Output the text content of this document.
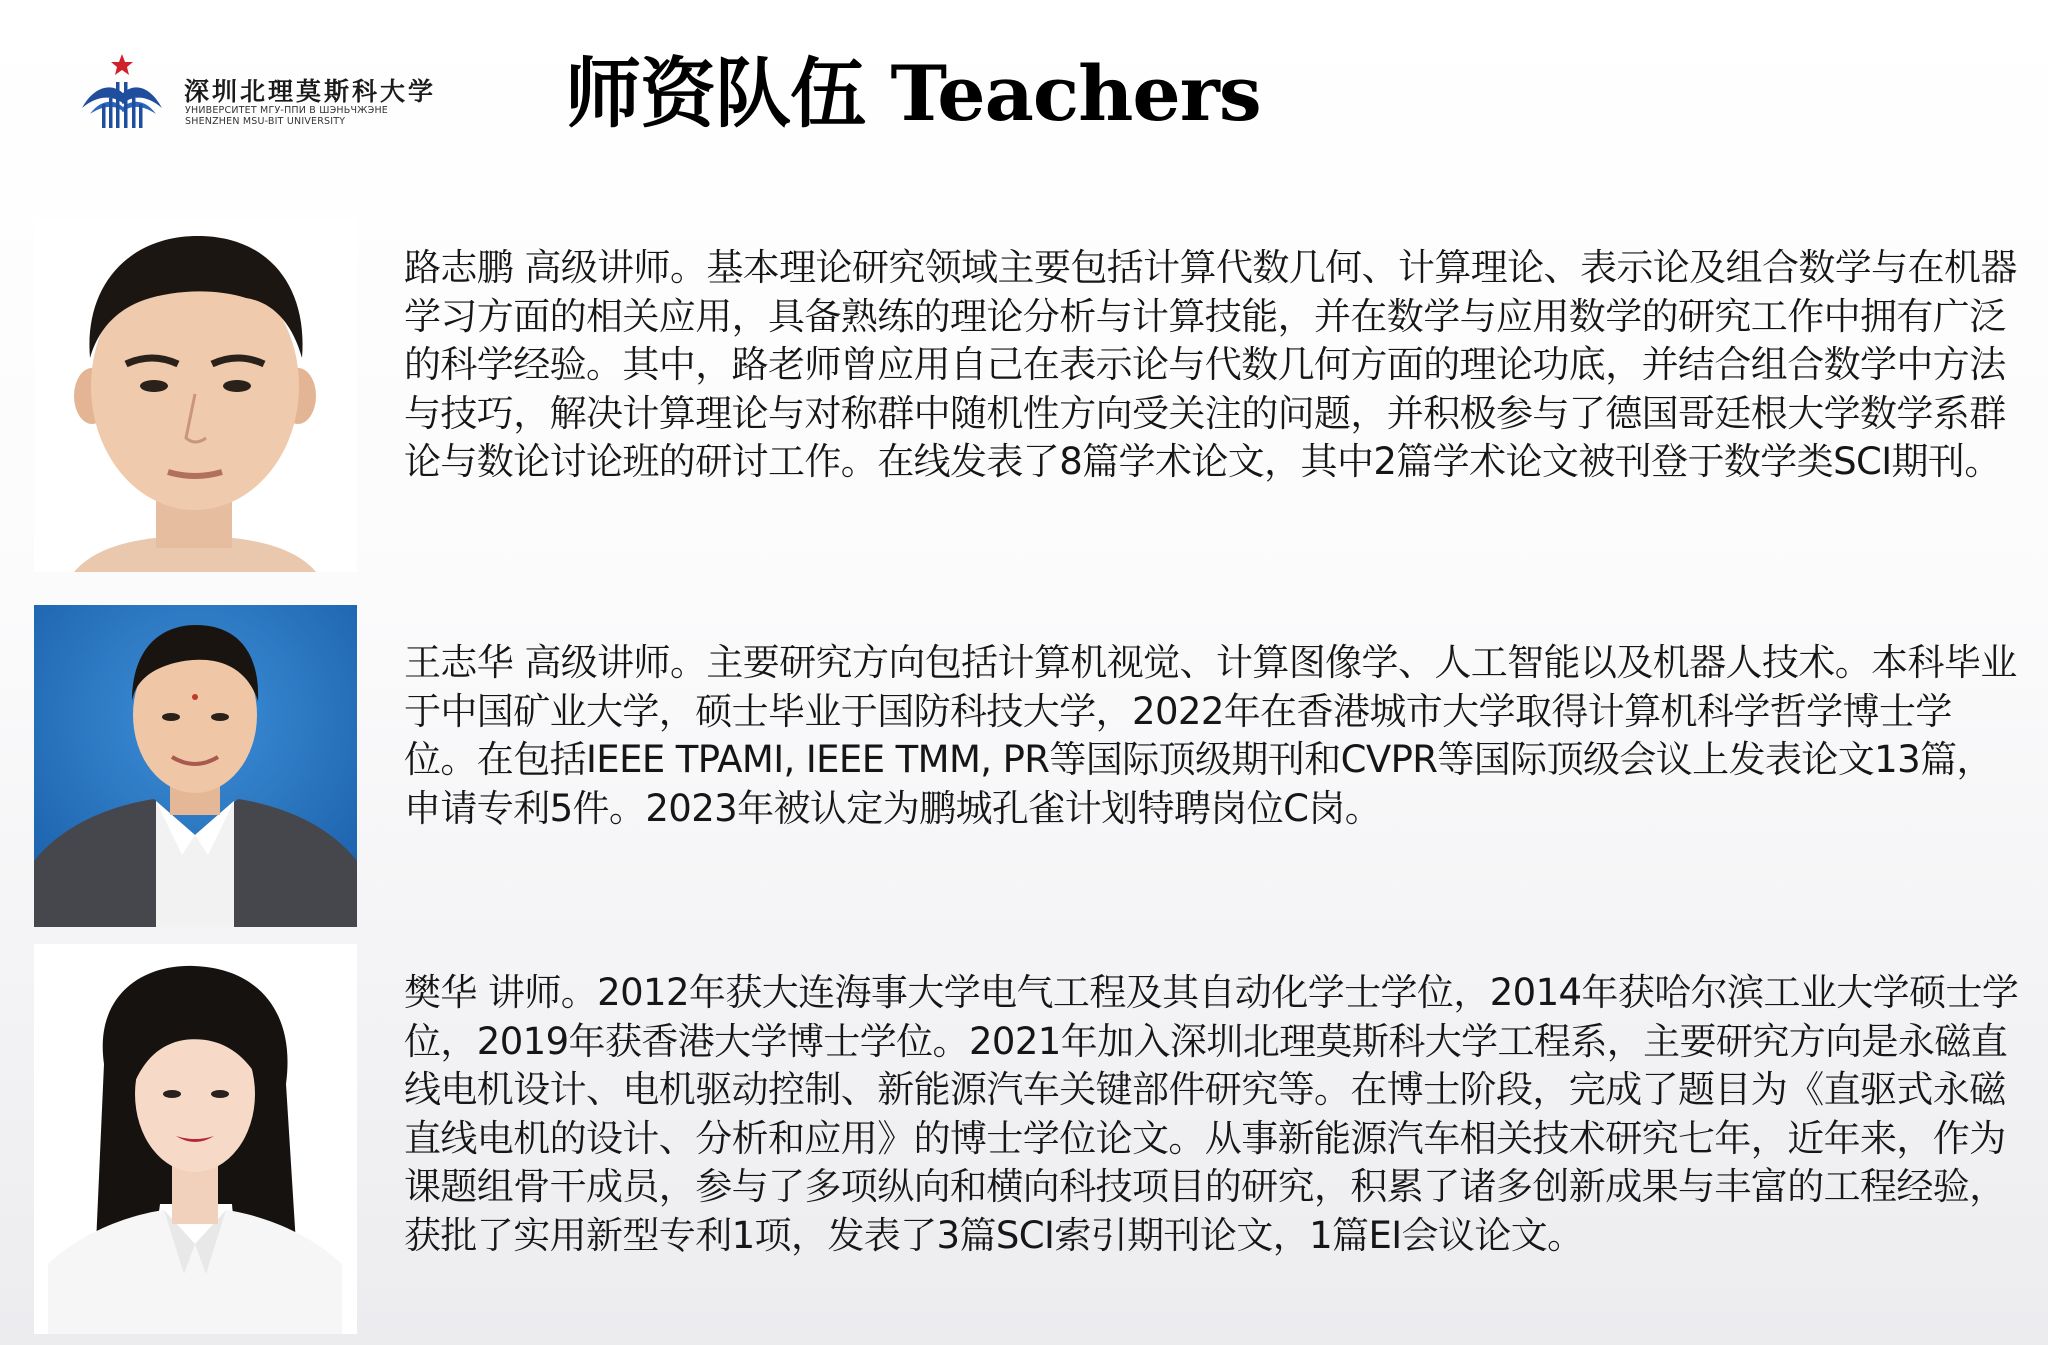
深圳北理莫斯科大学
УНИВЕРСИТЕТ МГУ-ППИ В ШЭНЬЧЖЭНЕ
SHENZHEN MSU-BIT UNIVERSITY	师资队伍 Teachers

路志鹏 高级讲师。基本理论研究领域主要包括计算代数几何、计算理论、表示论及组合数学与在机器学习方面的相关应用，具备熟练的理论分析与计算技能，并在数学与应用数学的研究工作中拥有广泛的科学经验。其中，路老师曾应用自己在表示论与代数几何方面的理论功底，并结合组合数学中方法与技巧，解决计算理论与对称群中随机性方向受关注的问题，并积极参与了德国哥廷根大学数学系群论与数论讨论班的研讨工作。在线发表了8篇学术论文，其中2篇学术论文被刊登于数学类SCI期刊。

王志华 高级讲师。主要研究方向包括计算机视觉、计算图像学、人工智能以及机器人技术。本科毕业于中国矿业大学，硕士毕业于国防科技大学，2022年在香港城市大学取得计算机科学哲学博士学位。在包括IEEE TPAMI, IEEE TMM, PR等国际顶级期刊和CVPR等国际顶级会议上发表论文13篇，申请专利5件。2023年被认定为鹏城孔雀计划特聘岗位C岗。

樊华 讲师。2012年获大连海事大学电气工程及其自动化学士学位，2014年获哈尔滨工业大学硕士学位，2019年获香港大学博士学位。2021年加入深圳北理莫斯科大学工程系，主要研究方向是永磁直线电机设计、电机驱动控制、新能源汽车关键部件研究等。在博士阶段，完成了题目为《直驱式永磁直线电机的设计、分析和应用》的博士学位论文。从事新能源汽车相关技术研究七年，近年来，作为课题组骨干成员，参与了多项纵向和横向科技项目的研究，积累了诸多创新成果与丰富的工程经验，获批了实用新型专利1项，发表了3篇SCI索引期刊论文，1篇EI会议论文。
